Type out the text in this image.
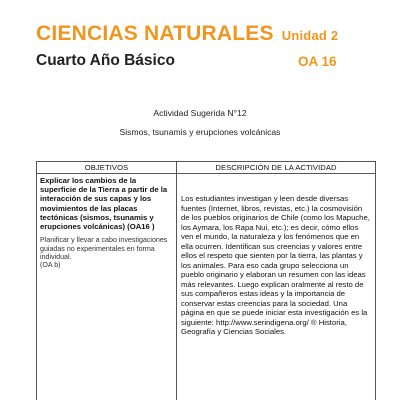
CIENCIAS NATURALES Unidad 2
Cuarto Año Básico	OA 16
Actividad Sugerida N°12
Sismos, tsunamis y erupciones volcánicas
OBJETIVOS	DESCRIPCIÓN DE LA ACTIVIDAD
Explicar los cambios de la superficie de la Tierra a partir de la interacción de sus capas y los movimientos de las placas tectónicas (sismos, tsunamis y erupciones volcánicas) (OA16 )
Planificar y llevar a cabo investigaciones guiadas no experimentales en forma individual.
(OA b)
Los estudiantes investigan y leen desde diversas fuentes (Internet, libros, revistas, etc.) la cosmovisión de los pueblos originarios de Chile (como los Mapuche, los Aymara, los Rapa Nui, etc.); es decir, cómo ellos ven el mundo, la naturaleza y los fenómenos que en ella ocurren. Identifican sus creencias y valores entre ellos el respeto que sienten por la tierra, las plantas y los animales. Para eso cada grupo selecciona un pueblo originario y elaboran un resumen con las ideas más relevantes. Luego explican oralmente al resto de sus compañeros estas ideas y la importancia de conservar estas creencias para la sociedad. Una página en que se puede iniciar esta investigación es la siguiente: http://www.serindigena.org/ ® Historia, Geografía y Ciencias Sociales.
